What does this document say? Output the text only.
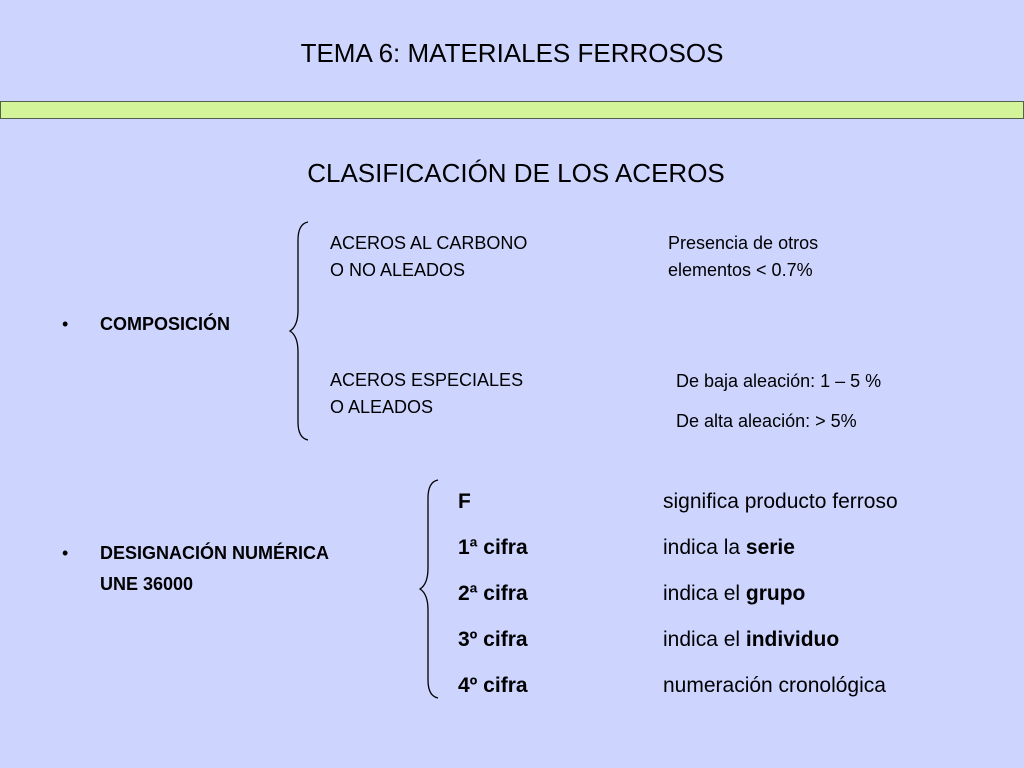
TEMA 6: MATERIALES FERROSOS
CLASIFICACIÓN DE LOS ACEROS
• COMPOSICIÓN
ACEROS AL CARBONO
O NO ALEADOS
Presencia de otros
elementos < 0.7%
ACEROS ESPECIALES
O ALEADOS
De baja aleación: 1 – 5 %
De alta aleación: > 5%
• DESIGNACIÓN NUMÉRICA
UNE 36000
F	significa producto ferroso
1ª cifra	indica la serie
2ª cifra	indica el grupo
3º cifra	indica el individuo
4º cifra	numeración cronológica
